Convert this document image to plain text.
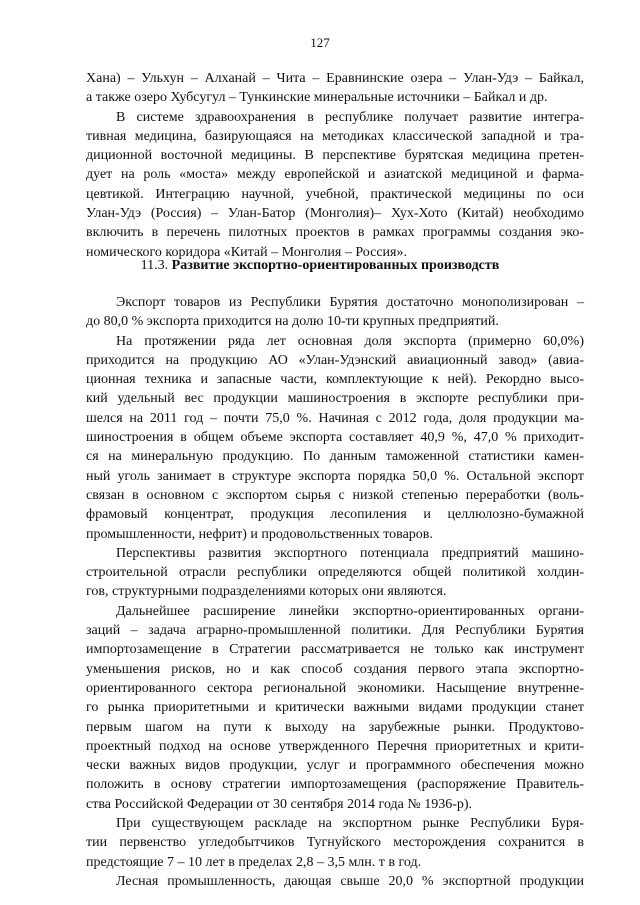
127
Хана) – Ульхун – Алханай – Чита – Еравнинские озера – Улан-Удэ – Байкал,
а также озеро Хубсугул – Тункинские минеральные источники – Байкал и др.
В системе здравоохранения в республике получает развитие интегра-
тивная медицина, базирующаяся на методиках классической западной и тра-
диционной восточной медицины. В перспективе бурятская медицина претен-
дует на роль «моста» между европейской и азиатской медициной и фарма-
цевтикой. Интеграцию научной, учебной, практической медицины по оси
Улан-Удэ (Россия) – Улан-Батор (Монголия)– Хух-Хото (Китай) необходимо
включить в перечень пилотных проектов в рамках программы создания эко-
номического коридора «Китай – Монголия – Россия».
11.3. Развитие экспортно-ориентированных производств
Экспорт товаров из Республики Бурятия достаточно монополизирован –
до 80,0 % экспорта приходится на долю 10-ти крупных предприятий.
На протяжении ряда лет основная доля экспорта (примерно 60,0%)
приходится на продукцию АО «Улан-Удэнский авиационный завод» (авиа-
ционная техника и запасные части, комплектующие к ней). Рекордно высо-
кий удельный вес продукции машиностроения в экспорте республики при-
шелся на 2011 год – почти 75,0 %. Начиная с 2012 года, доля продукции ма-
шиностроения в общем объеме экспорта составляет 40,9 %, 47,0 % приходит-
ся на минеральную продукцию. По данным таможенной статистики камен-
ный уголь занимает в структуре экспорта порядка 50,0 %. Остальной экспорт
связан в основном с экспортом сырья с низкой степенью переработки (воль-
фрамовый концентрат, продукция лесопиления и целлюлозно-бумажной
промышленности, нефрит) и продовольственных товаров.
Перспективы развития экспортного потенциала предприятий машино-
строительной отрасли республики определяются общей политикой холдин-
гов, структурными подразделениями которых они являются.
Дальнейшее расширение линейки экспортно-ориентированных органи-
заций – задача аграрно-промышленной политики. Для Республики Бурятия
импортозамещение в Стратегии рассматривается не только как инструмент
уменьшения рисков, но и как способ создания первого этапа экспортно-
ориентированного сектора региональной экономики. Насыщение внутренне-
го рынка приоритетными и критически важными видами продукции станет
первым шагом на пути к выходу на зарубежные рынки. Продуктово-
проектный подход на основе утвержденного Перечня приоритетных и крити-
чески важных видов продукции, услуг и программного обеспечения можно
положить в основу стратегии импортозамещения (распоряжение Правитель-
ства Российской Федерации от 30 сентября 2014 года № 1936-р).
При существующем раскладе на экспортном рынке Республики Буря-
тии первенство угледобытчиков Тугнуйского месторождения сохранится в
предстоящие 7 – 10 лет в пределах 2,8 – 3,5 млн. т в год.
Лесная промышленность, дающая свыше 20,0 % экспортной продукции
